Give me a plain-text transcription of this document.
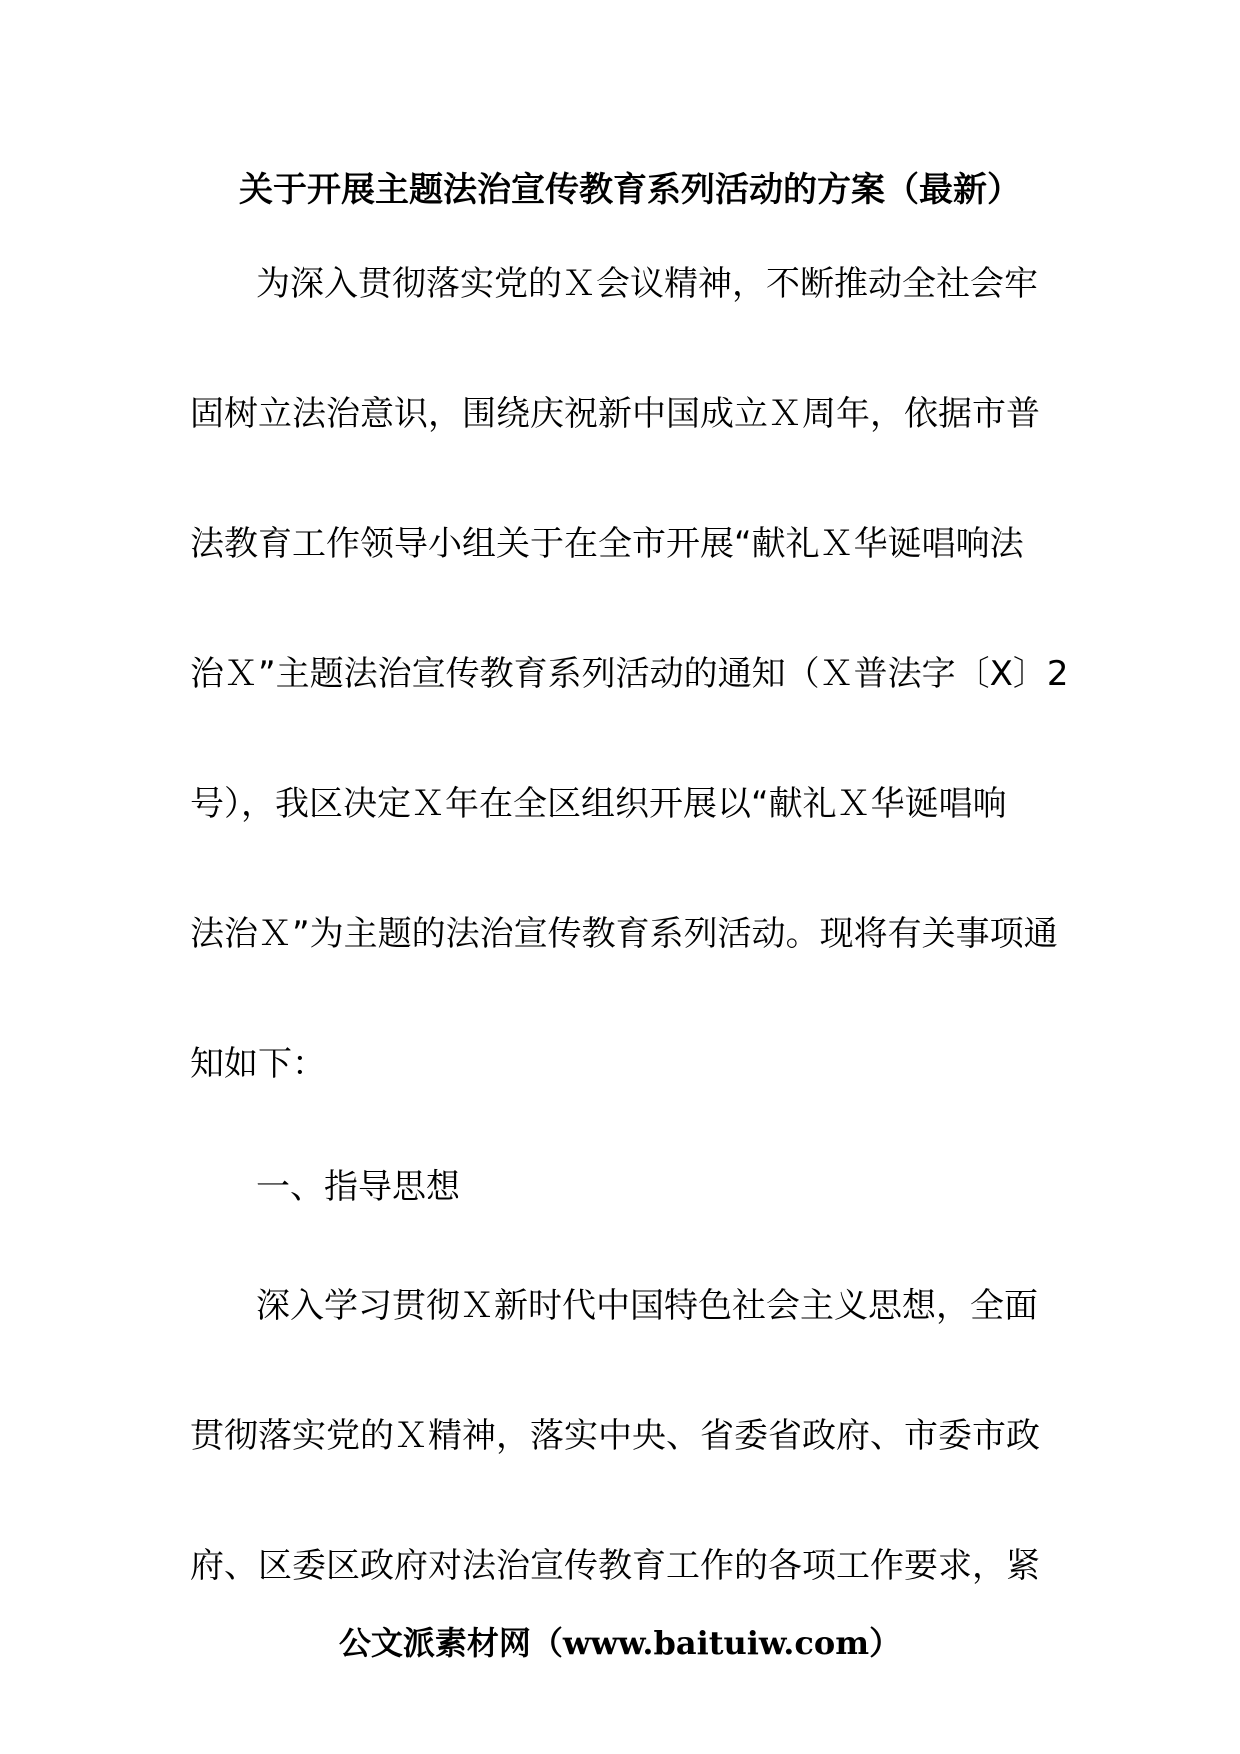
关于开展主题法治宣传教育系列活动的方案（最新）

为深入贯彻落实党的Ｘ会议精神，不断推动全社会牢

固树立法治意识，围绕庆祝新中国成立Ｘ周年，依据市普

法教育工作领导小组关于在全市开展“献礼Ｘ华诞唱响法

治Ｘ”主题法治宣传教育系列活动的通知（Ｘ普法字〔X〕2

号），我区决定Ｘ年在全区组织开展以“献礼Ｘ华诞唱响

法治Ｘ”为主题的法治宣传教育系列活动。现将有关事项通

知如下：

一、指导思想

深入学习贯彻Ｘ新时代中国特色社会主义思想，全面

贯彻落实党的Ｘ精神，落实中央、省委省政府、市委市政

府、区委区政府对法治宣传教育工作的各项工作要求，紧

公文派素材网（www.baituiw.com）
